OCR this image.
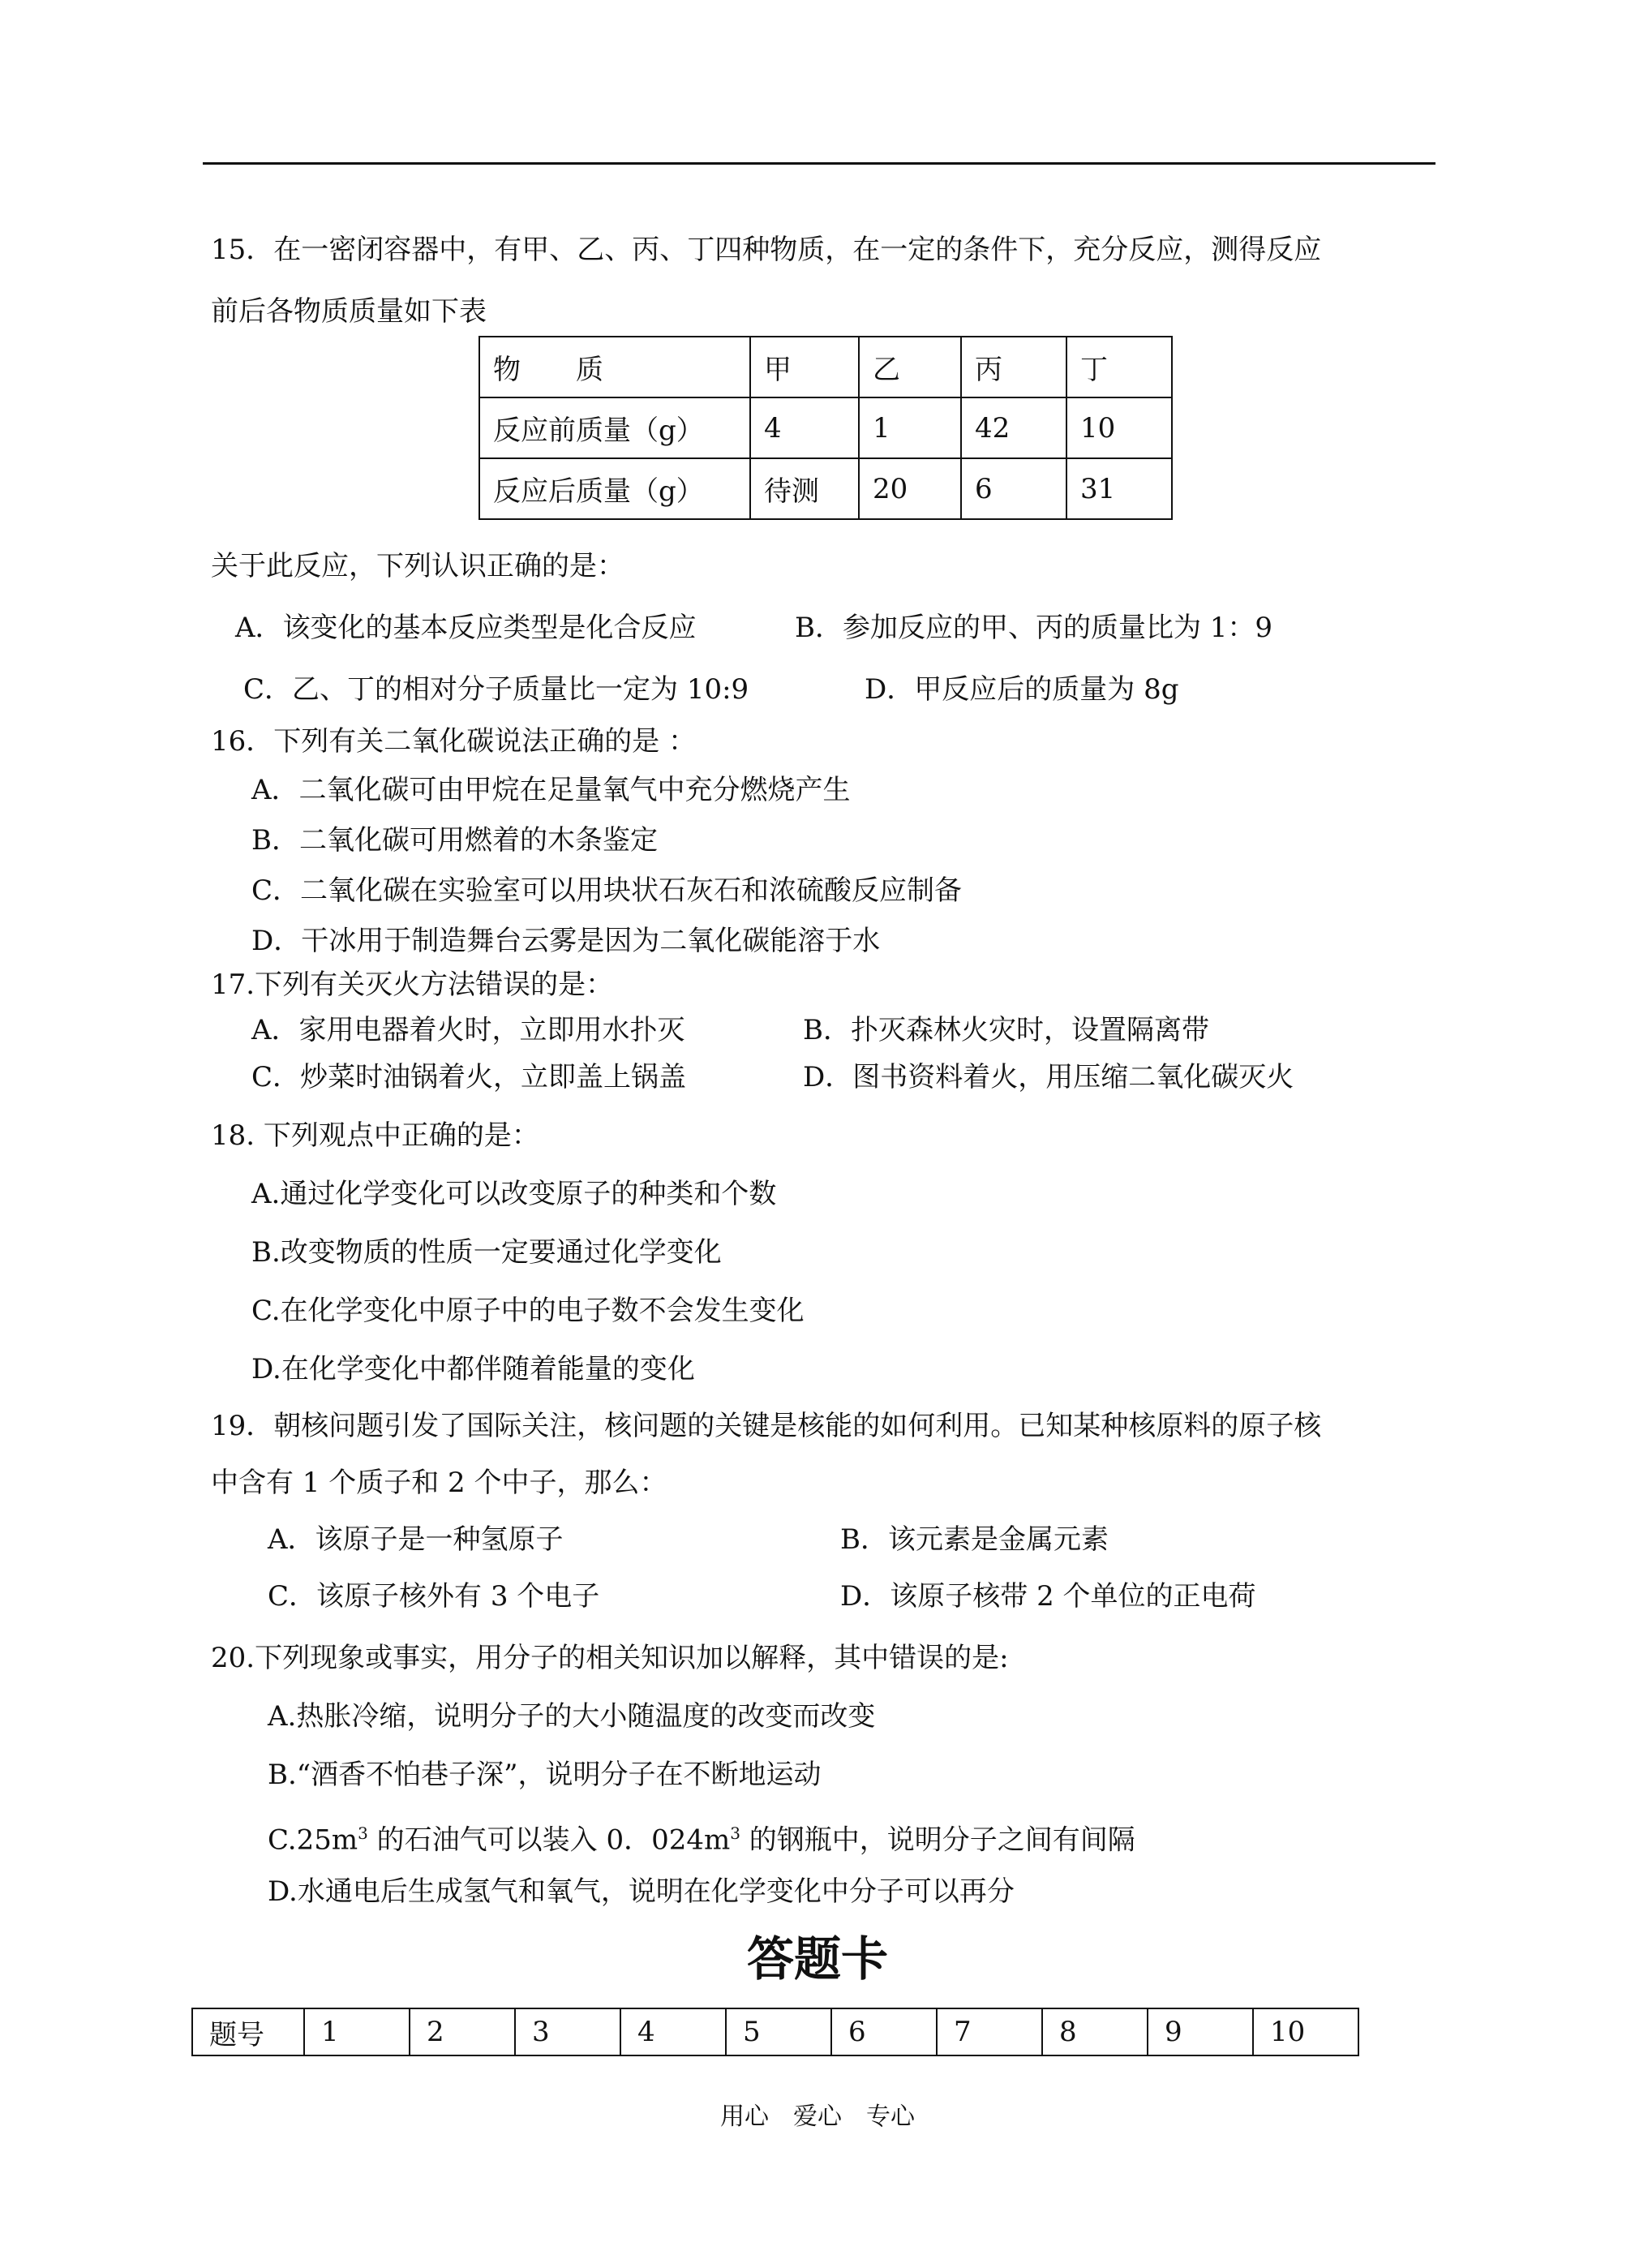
15．在一密闭容器中，有甲、乙、丙、丁四种物质，在一定的条件下，充分反应，测得反应
前后各物质质量如下表
物　　质	甲	乙	丙	丁
反应前质量（g）	4	1	42	10
反应后质量（g）	待测	20	6	31
关于此反应，下列认识正确的是：
A．该变化的基本反应类型是化合反应	B．参加反应的甲、丙的质量比为 1：9
C．乙、丁的相对分子质量比一定为 10:9	D．甲反应后的质量为 8g
16．下列有关二氧化碳说法正确的是 ：
A．二氧化碳可由甲烷在足量氧气中充分燃烧产生
B．二氧化碳可用燃着的木条鉴定
C．二氧化碳在实验室可以用块状石灰石和浓硫酸反应制备
D．干冰用于制造舞台云雾是因为二氧化碳能溶于水
17.下列有关灭火方法错误的是：
A．家用电器着火时，立即用水扑灭	B．扑灭森林火灾时，设置隔离带
C．炒菜时油锅着火，立即盖上锅盖	D．图书资料着火，用压缩二氧化碳灭火
18. 下列观点中正确的是：
A.通过化学变化可以改变原子的种类和个数
B.改变物质的性质一定要通过化学变化
C.在化学变化中原子中的电子数不会发生变化
D.在化学变化中都伴随着能量的变化
19．朝核问题引发了国际关注，核问题的关键是核能的如何利用。已知某种核原料的原子核
中含有 1 个质子和 2 个中子，那么：
A．该原子是一种氢原子	B．该元素是金属元素
C．该原子核外有 3 个电子	D．该原子核带 2 个单位的正电荷
20.下列现象或事实，用分子的相关知识加以解释，其中错误的是:
A.热胀冷缩，说明分子的大小随温度的改变而改变
B.“酒香不怕巷子深”，说明分子在不断地运动
$C.25m^3$ 的石油气可以装入 0．$024m^3$ 的钢瓶中，说明分子之间有间隔
D.水通电后生成氢气和氧气，说明在化学变化中分子可以再分
答题卡
题号	1	2	3	4	5	6	7	8	9	10
用心　爱心　专心
